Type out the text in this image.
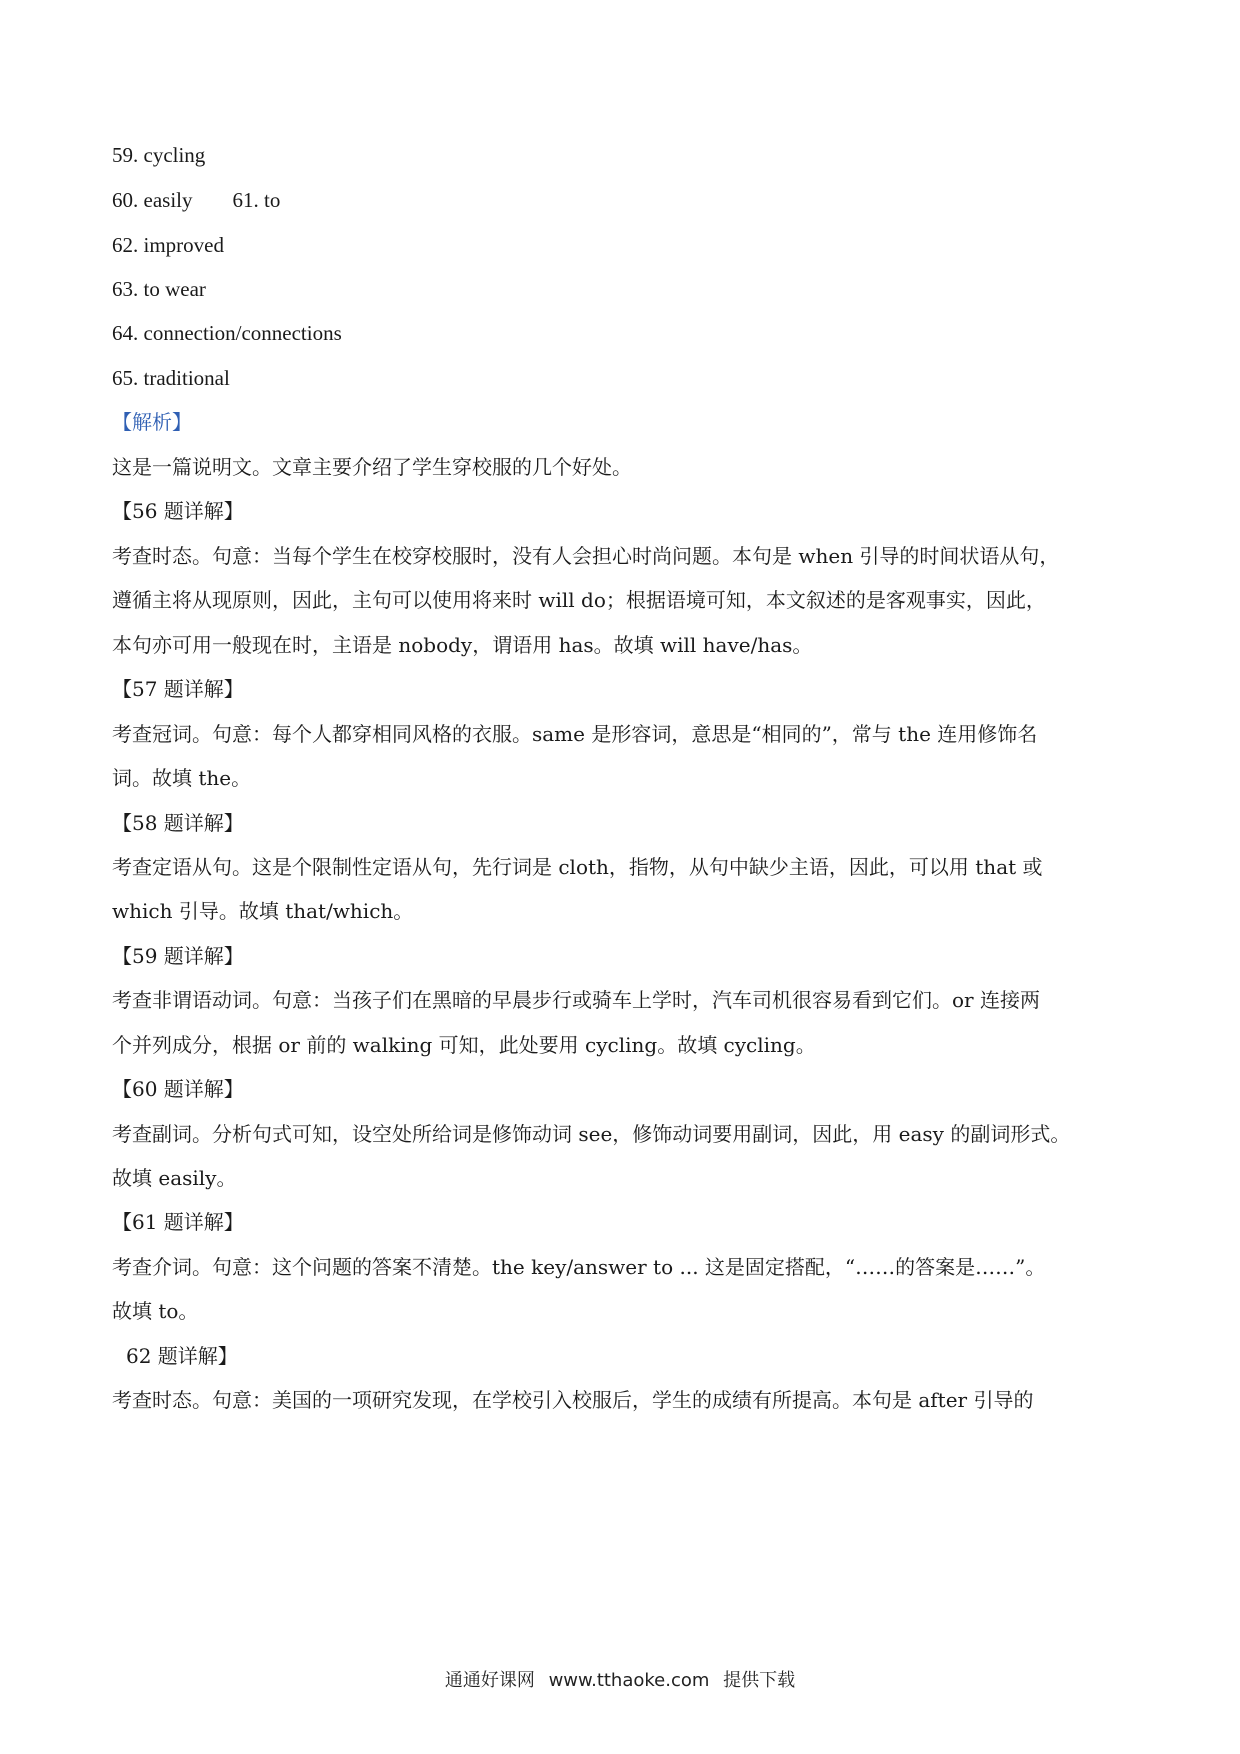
59. cycling
60. easily 61. to
62. improved
63. to wear
64. connection/connections
65. traditional
【解析】
这是一篇说明文。文章主要介绍了学生穿校服的几个好处。
【56 题详解】
考查时态。句意：当每个学生在校穿校服时，没有人会担心时尚问题。本句是 when 引导的时间状语从句，
遵循主将从现原则，因此，主句可以使用将来时 will do；根据语境可知，本文叙述的是客观事实，因此，
本句亦可用一般现在时，主语是 nobody，谓语用 has。故填 will have/has。
【57 题详解】
考查冠词。句意：每个人都穿相同风格的衣服。same 是形容词，意思是“相同的”，常与 the 连用修饰名
词。故填 the。
【58 题详解】
考查定语从句。这是个限制性定语从句，先行词是 cloth，指物，从句中缺少主语，因此，可以用 that 或
which 引导。故填 that/which。
【59 题详解】
考查非谓语动词。句意：当孩子们在黑暗的早晨步行或骑车上学时，汽车司机很容易看到它们。or 连接两
个并列成分，根据 or 前的 walking 可知，此处要用 cycling。故填 cycling。
【60 题详解】
考查副词。分析句式可知，设空处所给词是修饰动词 see，修饰动词要用副词，因此，用 easy 的副词形式。
故填 easily。
【61 题详解】
考查介词。句意：这个问题的答案不清楚。the key/answer to ... 这是固定搭配，“……的答案是……”。
故填 to。
62 题详解】
考查时态。句意：美国的一项研究发现，在学校引入校服后，学生的成绩有所提高。本句是 after 引导的
通通好课网 www.tthaoke.com 提供下载
